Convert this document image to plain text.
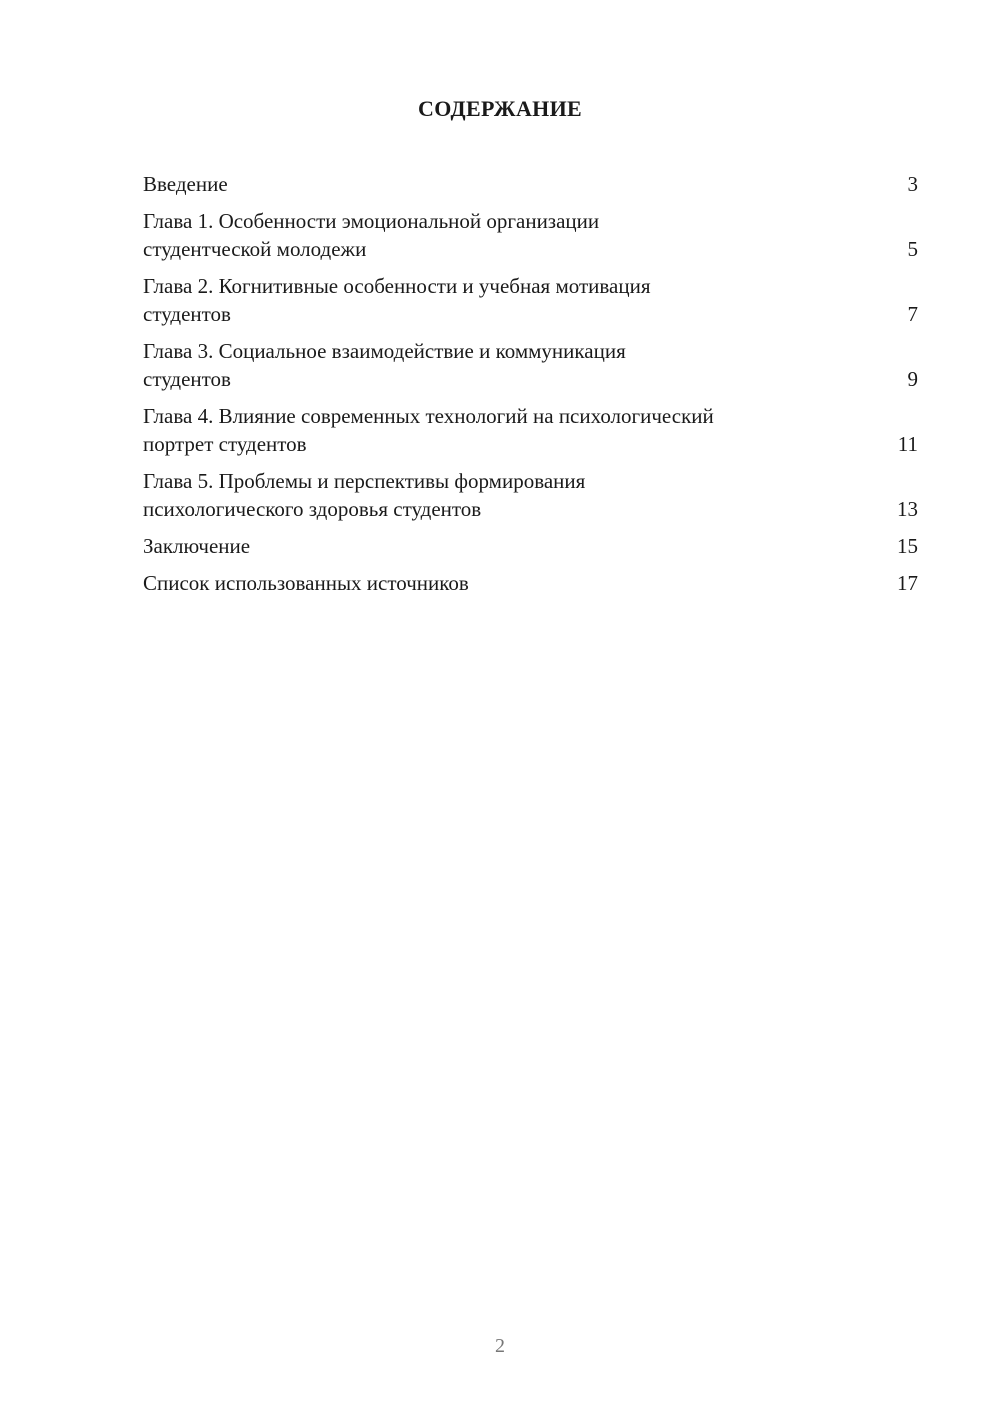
СОДЕРЖАНИЕ
Введение	3
Глава 1. Особенности эмоциональной организации
студентческой молодежи	5
Глава 2. Когнитивные особенности и учебная мотивация
студентов	7
Глава 3. Социальное взаимодействие и коммуникация
студентов	9
Глава 4. Влияние современных технологий на психологический
портрет студентов	11
Глава 5. Проблемы и перспективы формирования
психологического здоровья студентов	13
Заключение	15
Список использованных источников	17
2
